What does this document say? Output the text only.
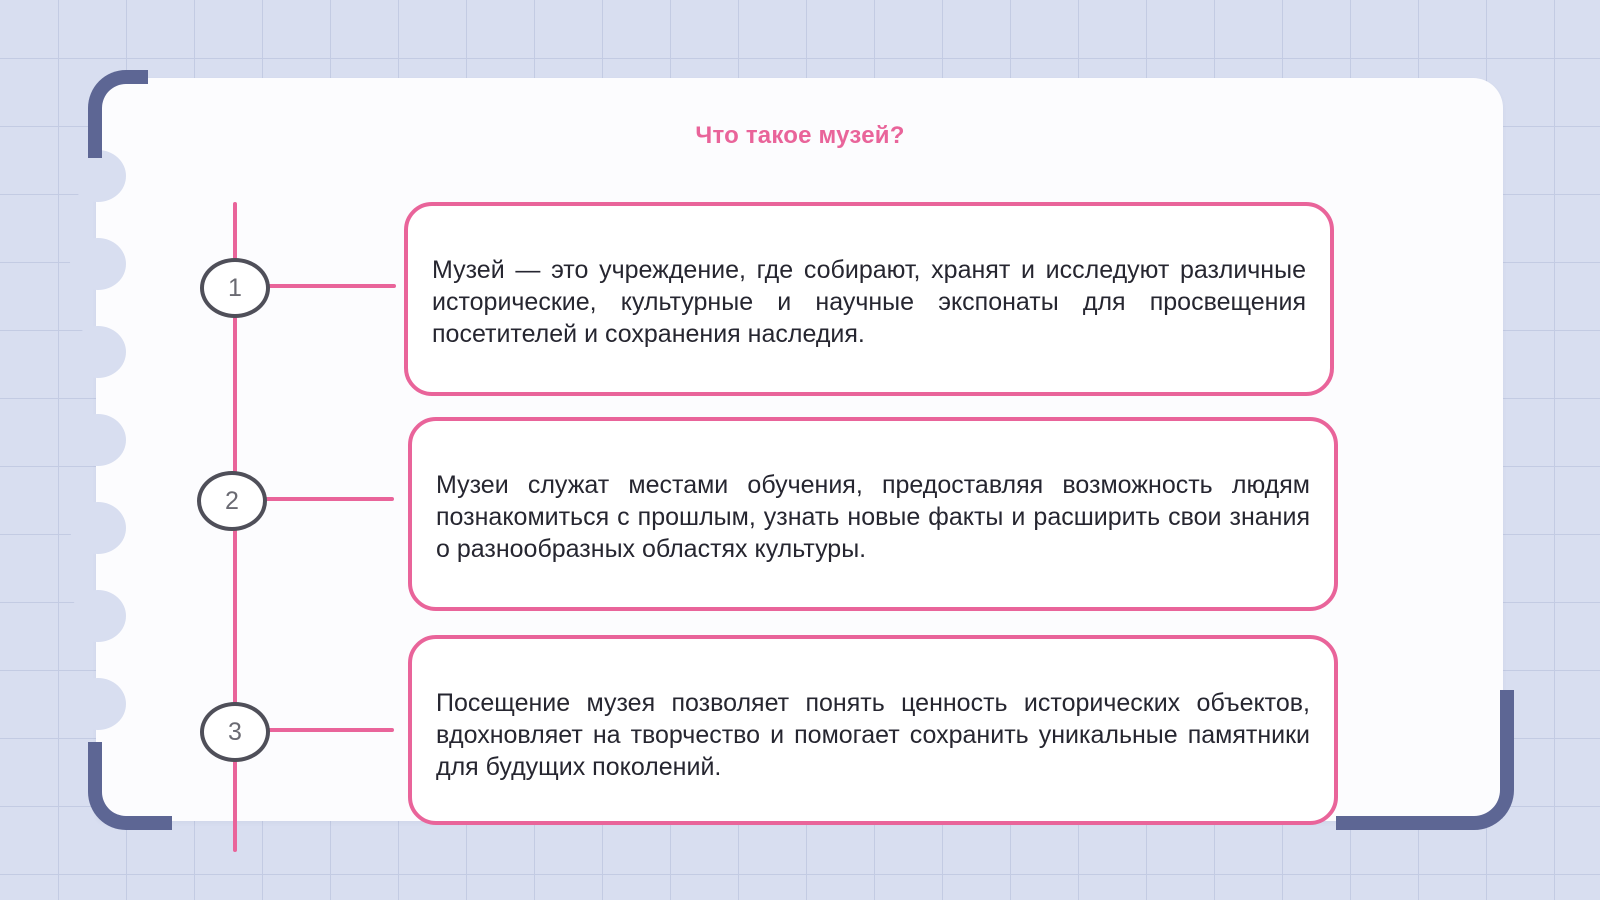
Что такое музей?
1

Музей — это учреждение, где собирают, хранят и исследуют различные исторические, культурные и научные экспонаты для просвещения посетителей и сохранения наследия.

2

Музеи служат местами обучения, предоставляя возможность людям познакомиться с прошлым, узнать новые факты и расширить свои знания о разнообразных областях культуры.

3

Посещение музея позволяет понять ценность исторических объектов, вдохновляет на творчество и помогает сохранить уникальные памятники для будущих поколений.
